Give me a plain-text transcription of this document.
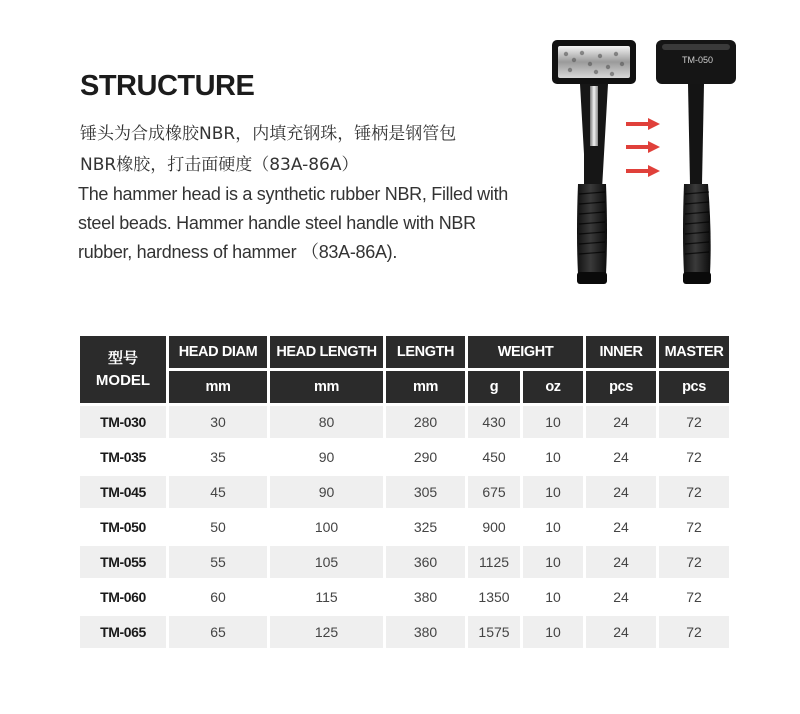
STRUCTURE
锤头为合成橡胶NBR，内填充钢珠，锤柄是钢管包
NBR橡胶，打击面硬度（83A-86A）
The hammer head is a synthetic rubber NBR, Filled with steel beads. Hammer handle steel handle with NBR rubber, hardness of hammer （83A-86A).
TM-050
型号
MODEL	HEAD DIAM	HEAD LENGTH	LENGTH	WEIGHT		INNER	MASTER
	mm	mm	mm	g	oz	pcs	pcs
TM-030	30	80	280	430	10	24	72
TM-035	35	90	290	450	10	24	72
TM-045	45	90	305	675	10	24	72
TM-050	50	100	325	900	10	24	72
TM-055	55	105	360	1125	10	24	72
TM-060	60	115	380	1350	10	24	72
TM-065	65	125	380	1575	10	24	72
